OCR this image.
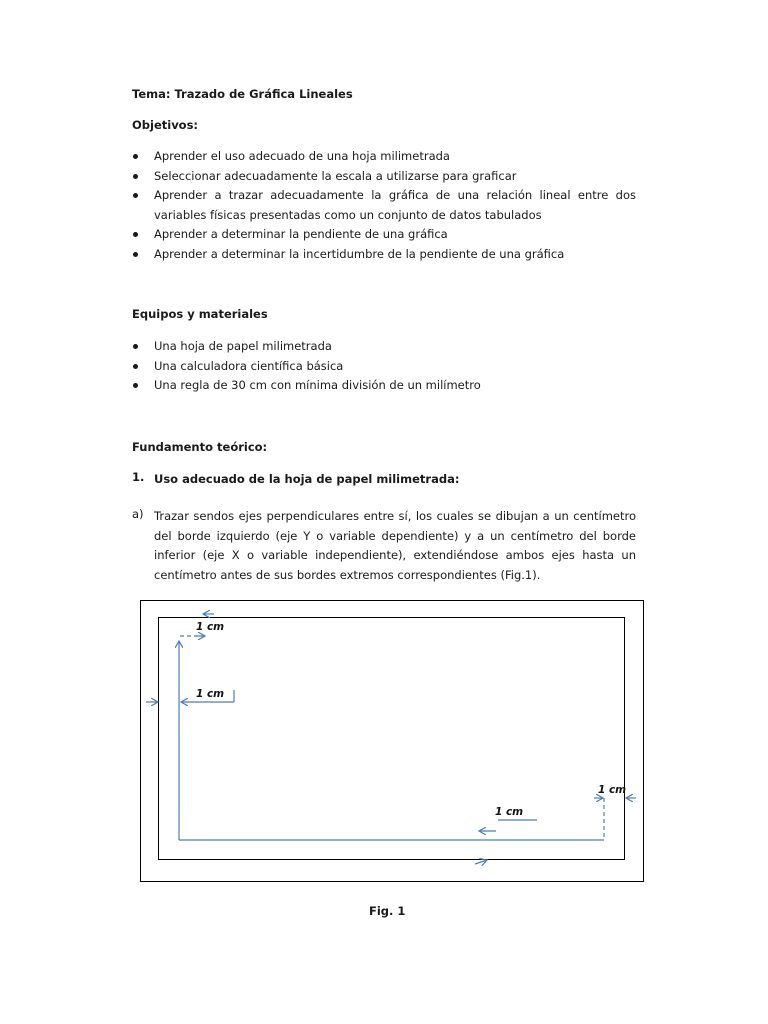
Tema: Trazado de Gráfica Lineales

Objetivos:

Aprender el uso adecuado de una hoja milimetrada
Seleccionar adecuadamente la escala a utilizarse para graficar
Aprender a trazar adecuadamente la gráfica de una relación lineal entre dos variables físicas presentadas como un conjunto de datos tabulados
Aprender a determinar la pendiente de una gráfica
Aprender a determinar la incertidumbre de la pendiente de una gráfica

Equipos y materiales

Una hoja de papel milimetrada
Una calculadora científica básica
Una regla de 30 cm con mínima división de un milímetro

Fundamento teórico:

1. Uso adecuado de la hoja de papel milimetrada:
a) Trazar sendos ejes perpendiculares entre sí, los cuales se dibujan a un centímetro del borde izquierdo (eje Y o variable dependiente) y a un centímetro del borde inferior (eje X o variable independiente), extendiéndose ambos ejes hasta un centímetro antes de sus bordes extremos correspondientes (Fig.1).
1 cm
1 cm
1 cm
1 cm

Fig. 1
